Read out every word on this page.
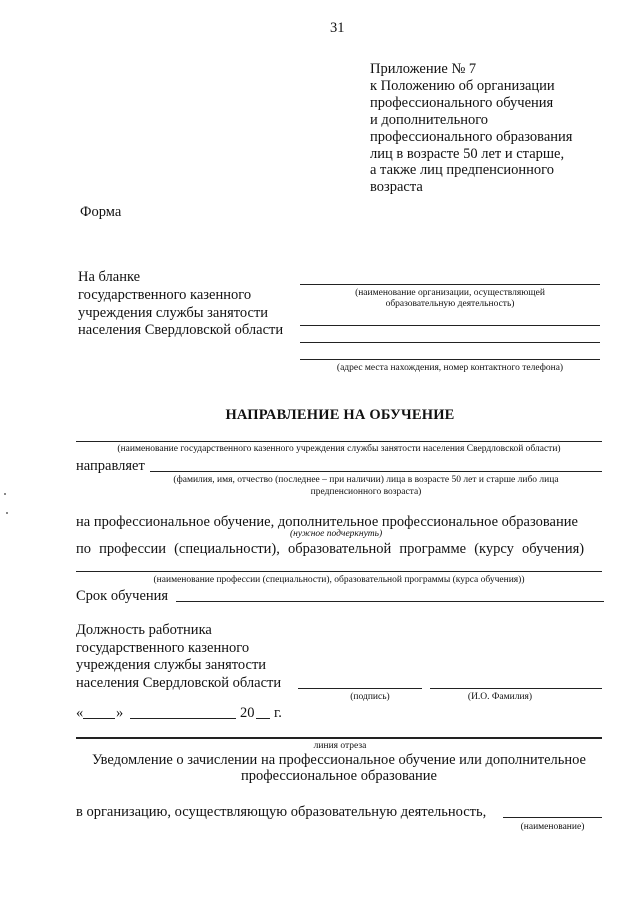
31
Приложение № 7
к Положению об организации
профессионального обучения
и дополнительного
профессионального образования
лиц в возрасте 50 лет и старше,
а также лиц предпенсионного
возраста
Форма
На бланке
государственного казенного
учреждения службы занятости
населения Свердловской области
(наименование организации, осуществляющей
образовательную деятельность)
(адрес места нахождения, номер контактного телефона)
НАПРАВЛЕНИЕ НА ОБУЧЕНИЕ
(наименование государственного казенного учреждения службы занятости населения Свердловской области)
направляет
(фамилия, имя, отчество (последнее – при наличии) лица в возрасте 50 лет и старше либо лица
предпенсионного возраста)
на профессиональное обучение, дополнительное профессиональное образование
(нужное подчеркнуть)
по профессии (специальности), образовательной программе (курсу обучения)
(наименование профессии (специальности), образовательной программы (курса обучения))
Срок обучения
Должность работника
государственного казенного
учреждения службы занятости
населения Свердловской области
(подпись)	(И.О. Фамилия)
« »	20 г.
линия отреза
Уведомление о зачислении на профессиональное обучение или дополнительное
профессиональное образование
в организацию, осуществляющую образовательную деятельность,
(наименование)
